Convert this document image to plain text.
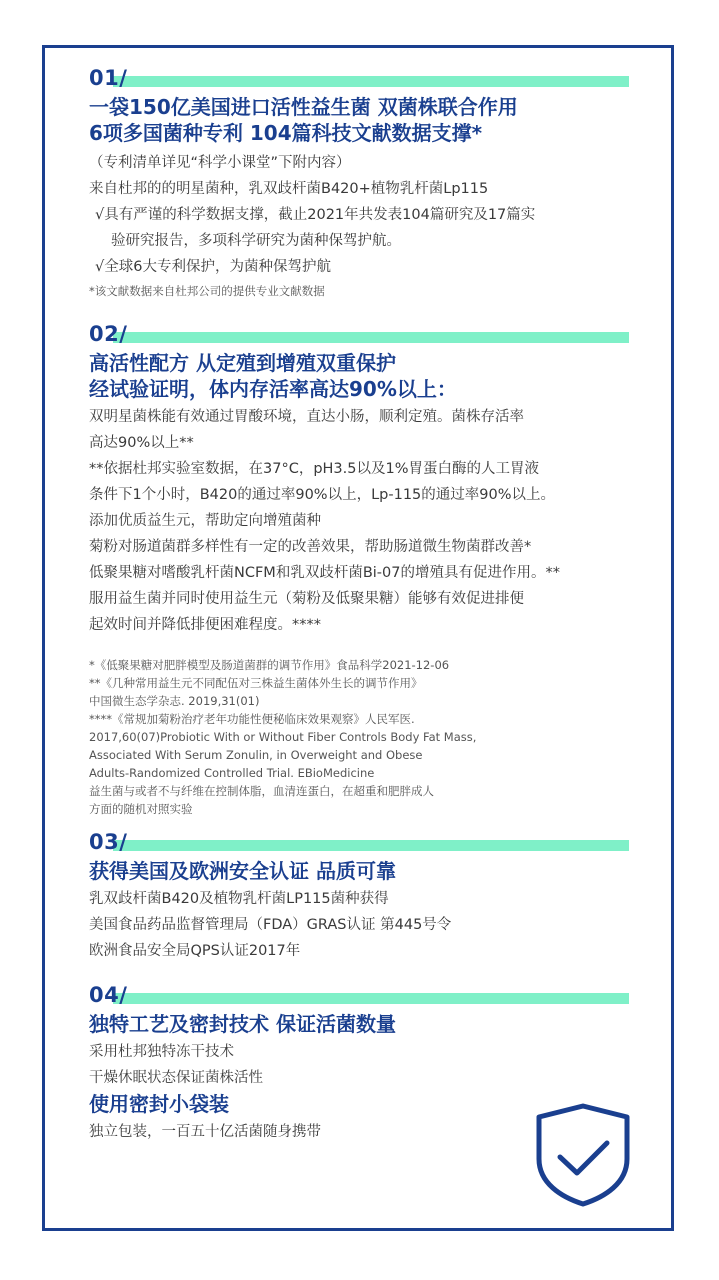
01/
一袋150亿美国进口活性益生菌 双菌株联合作用
6项多国菌种专利 104篇科技文献数据支撑*
（专利清单详见“科学小课堂”下附内容）
来自杜邦的的明星菌种，乳双歧杆菌B420+植物乳杆菌Lp115
√具有严谨的科学数据支撑，截止2021年共发表104篇研究及17篇实
验研究报告，多项科学研究为菌种保驾护航。
√全球6大专利保护，为菌种保驾护航
*该文献数据来自杜邦公司的提供专业文献数据
02/
高活性配方 从定殖到增殖双重保护
经试验证明，体内存活率高达90%以上：
双明星菌株能有效通过胃酸环境，直达小肠，顺利定殖。菌株存活率
高达90%以上**
**依据杜邦实验室数据，在37°C，pH3.5以及1%胃蛋白酶的人工胃液
条件下1个小时，B420的通过率90%以上，Lp-115的通过率90%以上。
添加优质益生元，帮助定向增殖菌种
菊粉对肠道菌群多样性有一定的改善效果，帮助肠道微生物菌群改善*
低聚果糖对嗜酸乳杆菌NCFM和乳双歧杆菌Bi-07的增殖具有促进作用。**
服用益生菌并同时使用益生元（菊粉及低聚果糖）能够有效促进排便
起效时间并降低排便困难程度。****
*《低聚果糖对肥胖模型及肠道菌群的调节作用》食品科学2021-12-06
**《几种常用益生元不同配伍对三株益生菌体外生长的调节作用》
中国微生态学杂志. 2019,31(01)
****《常规加菊粉治疗老年功能性便秘临床效果观察》人民军医.
2017,60(07)Probiotic With or Without Fiber Controls Body Fat Mass,
Associated With Serum Zonulin, in Overweight and Obese
Adults-Randomized Controlled Trial. EBioMedicine
益生菌与或者不与纤维在控制体脂，血清连蛋白，在超重和肥胖成人
方面的随机对照实验
03/
获得美国及欧洲安全认证 品质可靠
乳双歧杆菌B420及植物乳杆菌LP115菌种获得
美国食品药品监督管理局（FDA）GRAS认证 第445号令
欧洲食品安全局QPS认证2017年
04/
独特工艺及密封技术 保证活菌数量
采用杜邦独特冻干技术
干燥休眠状态保证菌株活性
使用密封小袋装
独立包装，一百五十亿活菌随身携带
